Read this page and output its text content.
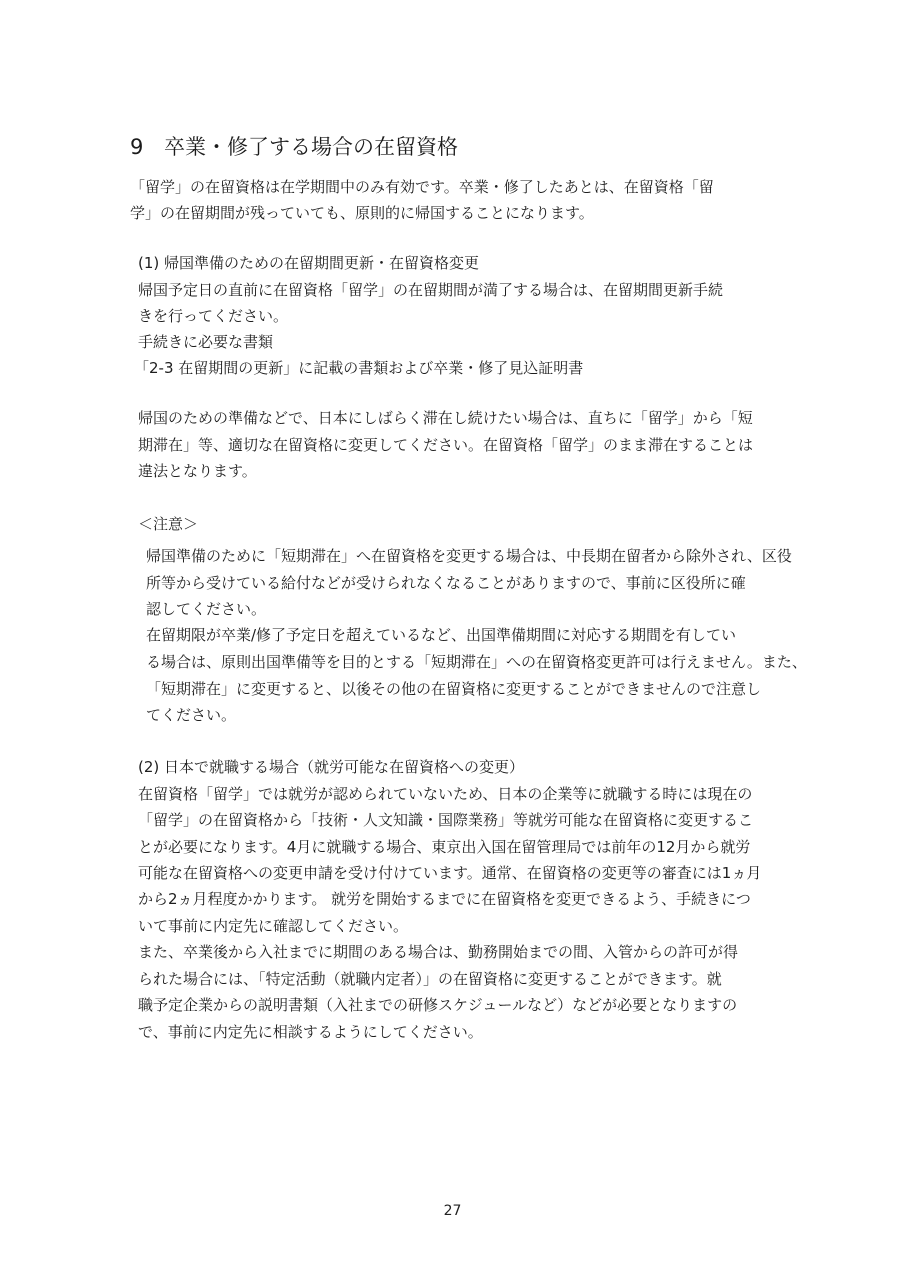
9 卒業・修了する場合の在留資格
「留学」の在留資格は在学期間中のみ有効です。卒業・修了したあとは、在留資格「留
学」の在留期間が残っていても、原則的に帰国することになります。
(1) 帰国準備のための在留期間更新・在留資格変更
帰国予定日の直前に在留資格「留学」の在留期間が満了する場合は、在留期間更新手続
きを行ってください。
手続きに必要な書類
「2-3 在留期間の更新」に記載の書類および卒業・修了見込証明書
帰国のための準備などで、日本にしばらく滞在し続けたい場合は、直ちに「留学」から「短
期滞在」等、適切な在留資格に変更してください。在留資格「留学」のまま滞在することは
違法となります。
＜注意＞
帰国準備のために「短期滞在」へ在留資格を変更する場合は、中長期在留者から除外され、区役
所等から受けている給付などが受けられなくなることがありますので、事前に区役所に確
認してください。
在留期限が卒業/修了予定日を超えているなど、出国準備期間に対応する期間を有してい
る場合は、原則出国準備等を目的とする「短期滞在」への在留資格変更許可は行えません。また、
「短期滞在」に変更すると、以後その他の在留資格に変更することができませんので注意し
てください。
(2) 日本で就職する場合（就労可能な在留資格への変更）
在留資格「留学」では就労が認められていないため、日本の企業等に就職する時には現在の
「留学」の在留資格から「技術・人文知識・国際業務」等就労可能な在留資格に変更するこ
とが必要になります。4月に就職する場合、東京出入国在留管理局では前年の12月から就労
可能な在留資格への変更申請を受け付けています。通常、在留資格の変更等の審査には1ヵ月
から2ヵ月程度かかります。 就労を開始するまでに在留資格を変更できるよう、手続きにつ
いて事前に内定先に確認してください。
また、卒業後から入社までに期間のある場合は、勤務開始までの間、入管からの許可が得
られた場合には、「特定活動（就職内定者）」の在留資格に変更することができます。就
職予定企業からの説明書類（入社までの研修スケジュールなど）などが必要となりますの
で、事前に内定先に相談するようにしてください。
27
